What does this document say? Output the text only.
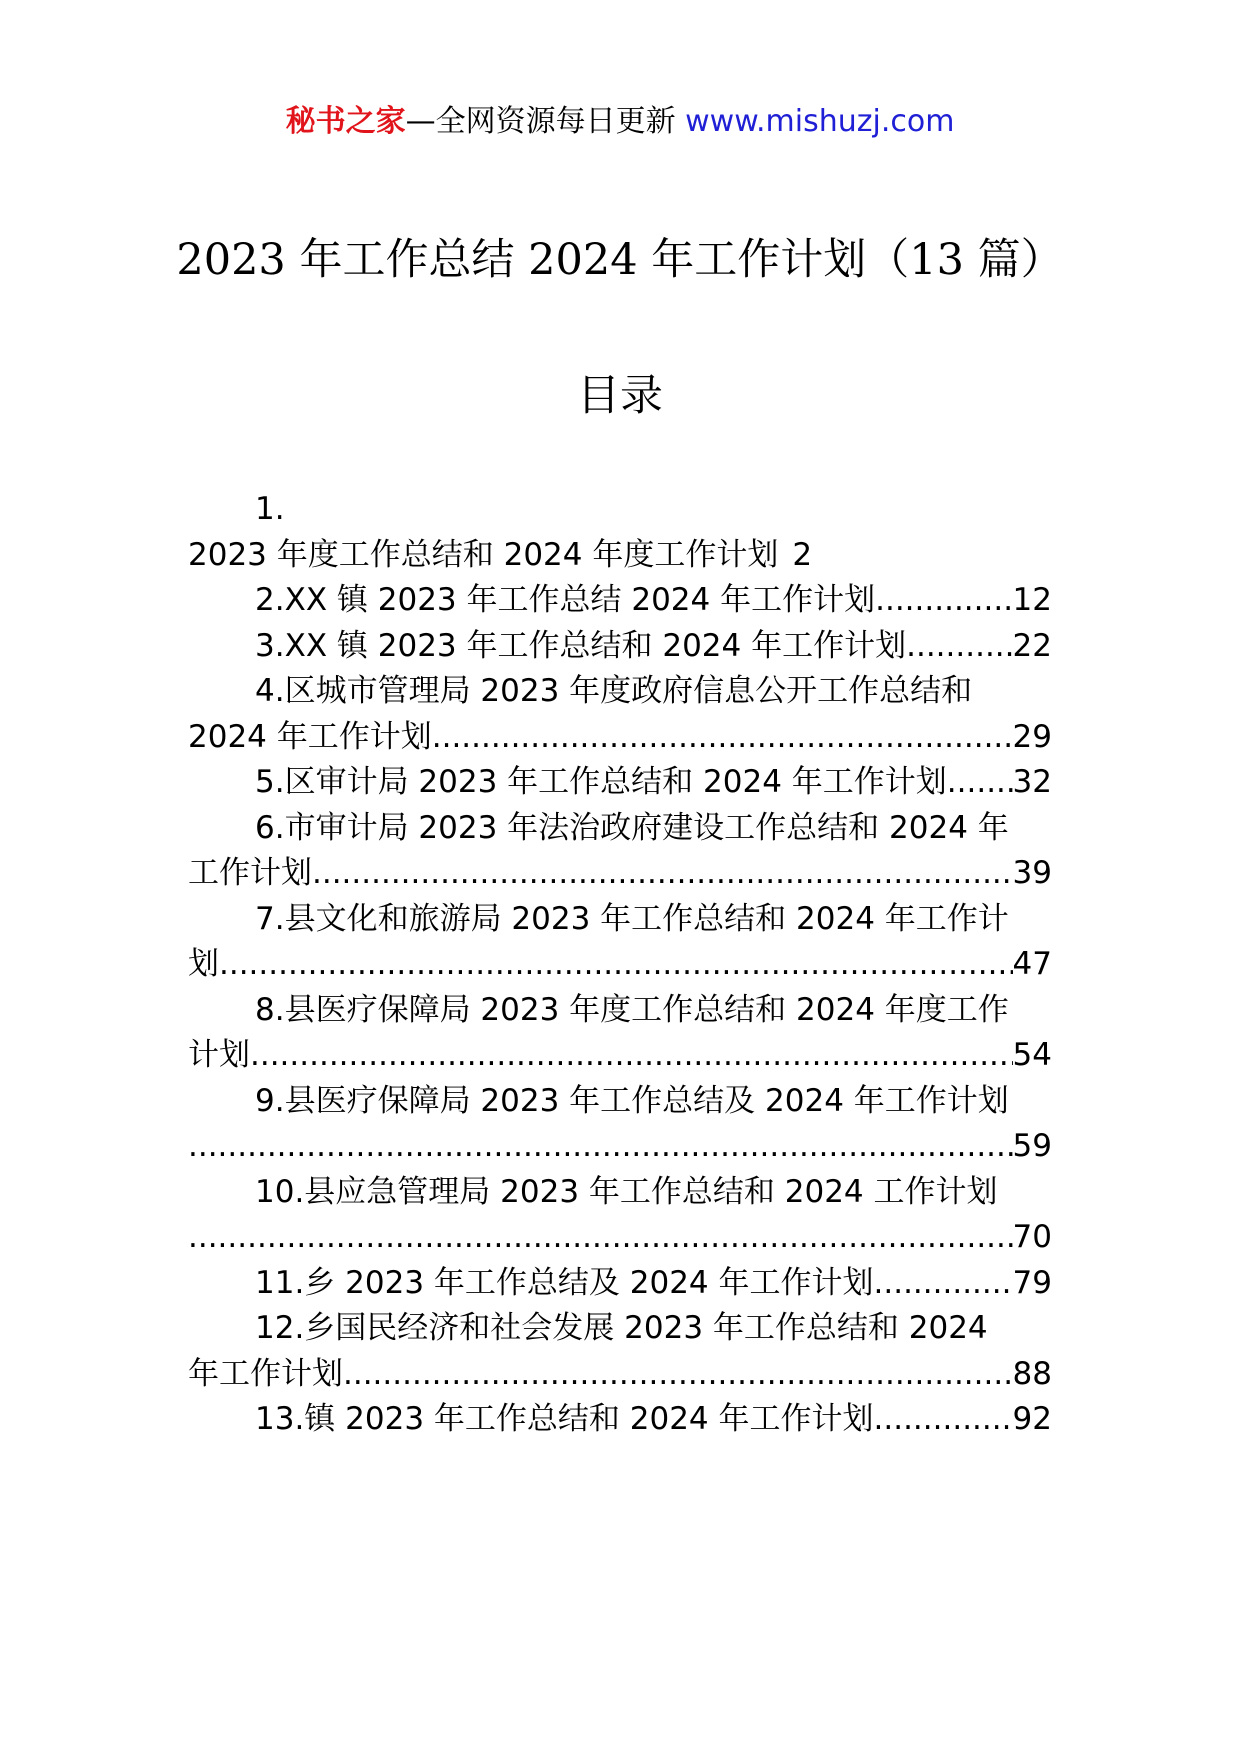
秘书之家—全网资源每日更新 www.mishuzj.com
2023 年工作总结 2024 年工作计划（13 篇）
目录
1.
2023 年度工作总结和 2024 年度工作计划 2
2.XX 镇 2023 年工作总结 2024 年工作计划 .....	12
3.XX 镇 2023 年工作总结和 2024 年工作计划 .....	22
4.区城市管理局 2023 年度政府信息公开工作总结和
2024 年工作计划 .....	29
5.区审计局 2023 年工作总结和 2024 年工作计划 ..... 32
6.市审计局 2023 年法治政府建设工作总结和 2024 年
工作计划 .....	39
7.县文化和旅游局 2023 年工作总结和 2024 年工作计
划 .....	47
8.县医疗保障局 2023 年度工作总结和 2024 年度工作
计划 .....	54
9.县医疗保障局 2023 年工作总结及 2024 年工作计划
.....
59
10.县应急管理局 2023 年工作总结和 2024 工作计划
.....
70
11.乡 2023 年工作总结及 2024 年工作计划 .....	79
12.乡国民经济和社会发展 2023 年工作总结和 2024
年工作计划 .....	88
13.镇 2023 年工作总结和 2024 年工作计划 .....	92
